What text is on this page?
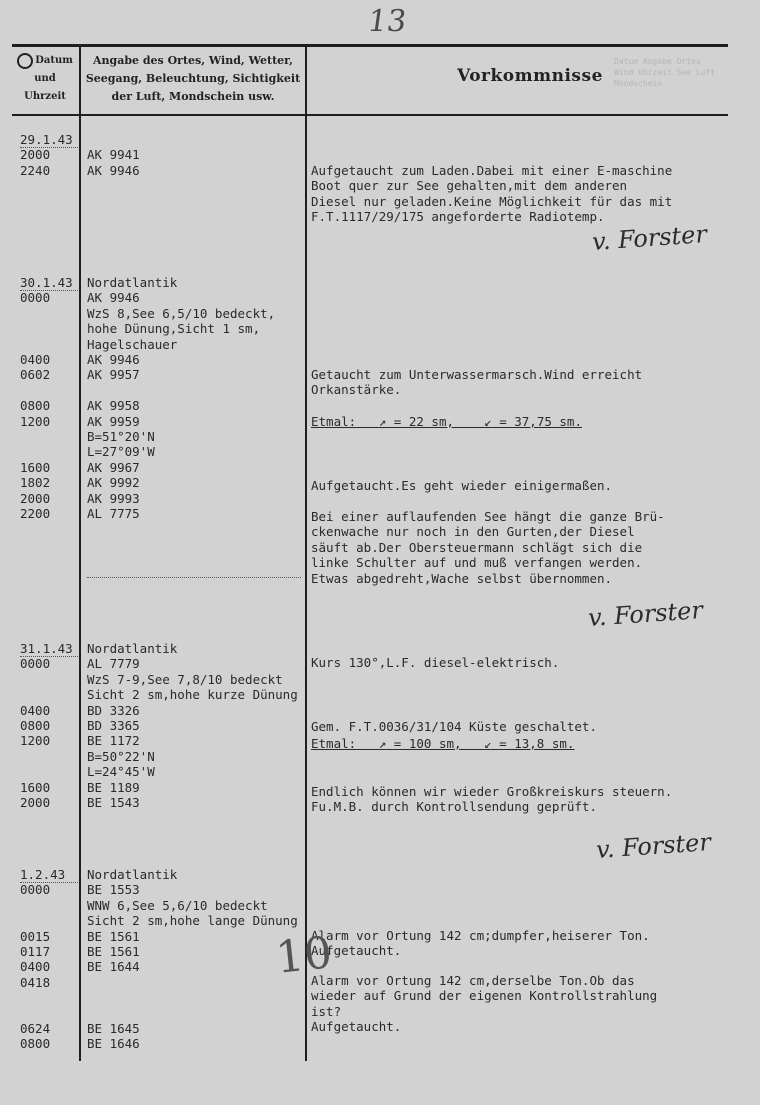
13
Datum Angabe Ortes Wind Uhrzeit See Luft Mondschein
Datum und Uhrzeit
Angabe des Ortes, Wind, Wetter, Seegang, Beleuchtung, Sichtigkeit der Luft, Mondschein usw.
Vorkommnisse
29.1.43
2000
2240

AK 9941
AK 9946	Aufgetaucht zum Laden.Dabei mit einer E-maschine
Boot quer zur See gehalten,mit dem anderen
Diesel nur geladen.Keine Möglichkeit für das mit
F.T.1117/29/175 angeforderte Radiotemp.
v. Forster
30.1.43
0000

0400
0602

0800
1200

1600
1802
2000
2200
Nordatlantik
AK 9946
WzS 8,See 6,5/10 bedeckt,
hohe Dünung,Sicht 1 sm,
Hagelschauer
AK 9946
AK 9957

AK 9958
AK 9959
B=51°20'N
L=27°09'W
AK 9967
AK 9992
AK 9993
AL 7775
Getaucht zum Unterwassermarsch.Wind erreicht
Orkanstärke.
Etmal: ↗ = 22 sm, ↙ = 37,75 sm.
Aufgetaucht.Es geht wieder einigermaßen.
Bei einer auflaufenden See hängt die ganze Brü-
ckenwache nur noch in den Gurten,der Diesel
säuft ab.Der Obersteuermann schlägt sich die
linke Schulter auf und muß verfangen werden.
Etwas abgedreht,Wache selbst übernommen.
v. Forster
31.1.43
0000

0400
0800
1200

1600
2000
Nordatlantik
AL 7779
WzS 7-9,See 7,8/10 bedeckt
Sicht 2 sm,hohe kurze Dünung
BD 3326
BD 3365
BE 1172
B=50°22'N
L=24°45'W
BE 1189
BE 1543
Kurs 130°,L.F. diesel-elektrisch.
Gem. F.T.0036/31/104 Küste geschaltet.
Etmal: ↗ = 100 sm, ↙ = 13,8 sm.
Endlich können wir wieder Großkreiskurs steuern.
Fu.M.B. durch Kontrollsendung geprüft.
v. Forster
1.2.43
0000

0015
0117
0400
0418

0624
0800
Nordatlantik
BE 1553
WNW 6,See 5,6/10 bedeckt
Sicht 2 sm,hohe lange Dünung
BE 1561
BE 1561
BE 1644

BE 1645
BE 1646
Alarm vor Ortung 142 cm;dumpfer,heiserer Ton.
Aufgetaucht.
Alarm vor Ortung 142 cm,derselbe Ton.Ob das
wieder auf Grund der eigenen Kontrollstrahlung
ist?
Aufgetaucht.
10
